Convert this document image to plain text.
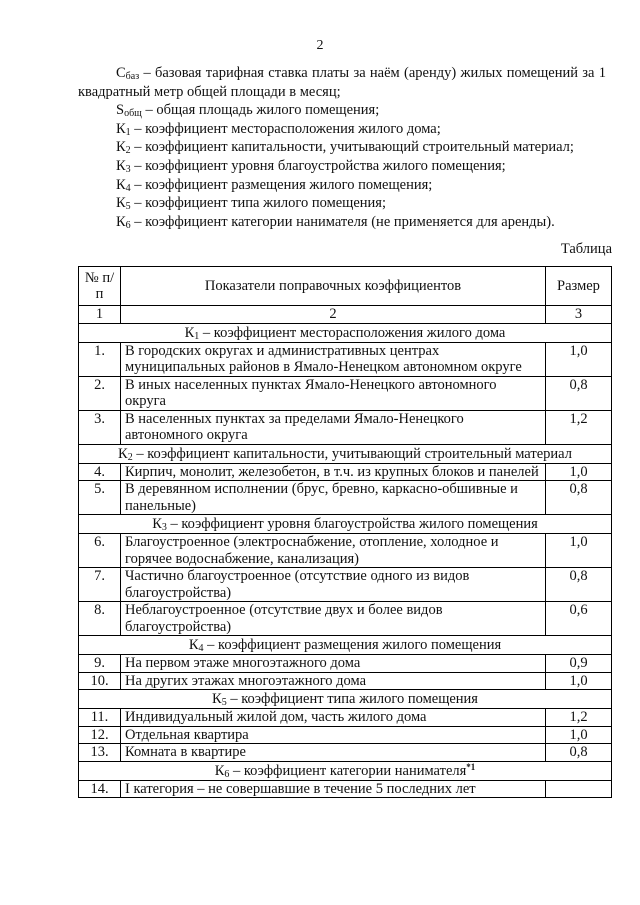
2

$С_{баз}$ – базовая тарифная ставка платы за наём (аренду) жилых помещений за 1 квадратный метр общей площади в месяц;

$S_{общ}$ – общая площадь жилого помещения;

$К_1$ – коэффициент месторасположения жилого дома;

$К_2$ – коэффициент капитальности, учитывающий строительный материал;

$К_3$ – коэффициент уровня благоустройства жилого помещения;

$К_4$ – коэффициент размещения жилого помещения;

$К_5$ – коэффициент типа жилого помещения;

$К_6$ – коэффициент категории нанимателя (не применяется для аренды).

Таблица
№ п/п	Показатели поправочных коэффициентов	Размер
1	2	3
$К_1$ – коэффициент месторасположения жилого дома		
1.	В городских округах и административных центрах муниципальных районов в Ямало-Ненецком автономном округе	1,0
2.	В иных населенных пунктах Ямало-Ненецкого автономного округа	0,8
3.	В населенных пунктах за пределами Ямало-Ненецкого автономного округа	1,2
$К_2$ – коэффициент капитальности, учитывающий строительный материал		
4.	Кирпич, монолит, железобетон, в т.ч. из крупных блоков и панелей	1,0
5.	В деревянном исполнении (брус, бревно, каркасно-обшивные и панельные)	0,8
$К_3$ – коэффициент уровня благоустройства жилого помещения		
6.	Благоустроенное (электроснабжение, отопление, холодное и горячее водоснабжение, канализация)	1,0
7.	Частично благоустроенное (отсутствие одного из видов благоустройства)	0,8
8.	Неблагоустроенное (отсутствие двух и более видов благоустройства)	0,6
$К_4$ – коэффициент размещения жилого помещения		
9.	На первом этаже многоэтажного дома	0,9
10.	На других этажах многоэтажного дома	1,0
$К_5$ – коэффициент типа жилого помещения		
11.	Индивидуальный жилой дом, часть жилого дома	1,2
12.	Отдельная квартира	1,0
13.	Комната в квартире	0,8
$К_6$ – коэффициент категории нанимателя$^{*1}$
14.	I категория – не совершавшие в течение 5 последних лет	
